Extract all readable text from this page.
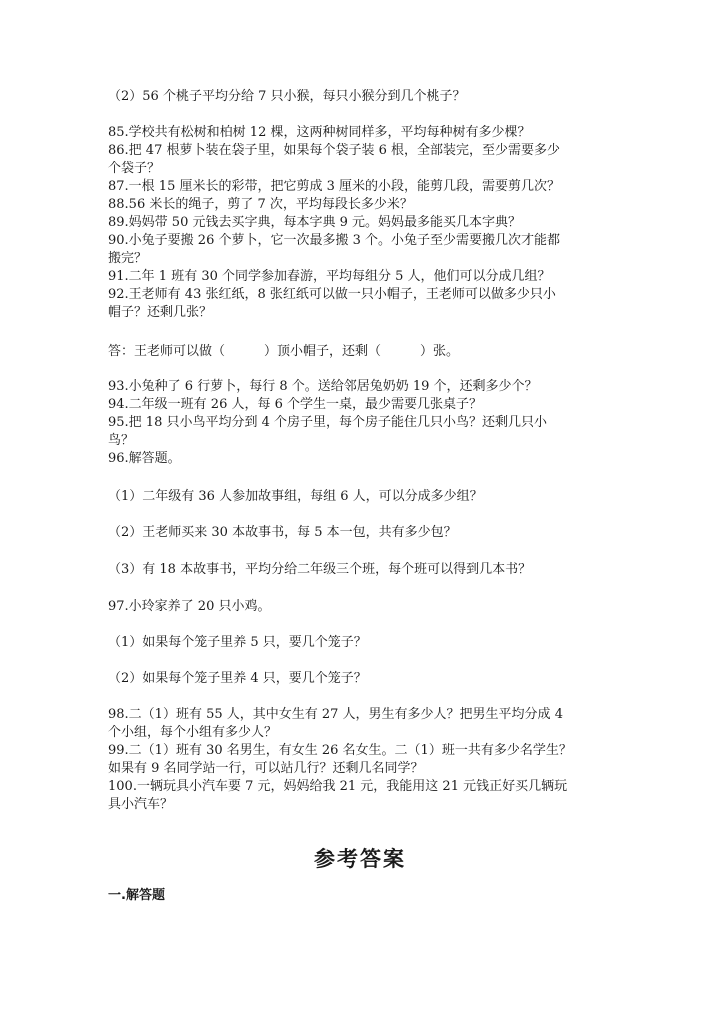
（2）56 个桃子平均分给 7 只小猴，每只小猴分到几个桃子？
85.学校共有松树和柏树 12 棵，这两种树同样多，平均每种树有多少棵？
86.把 47 根萝卜装在袋子里，如果每个袋子装 6 根，全部装完，至少需要多少
个袋子？
87.一根 15 厘米长的彩带，把它剪成 3 厘米的小段，能剪几段，需要剪几次？
88.56 米长的绳子，剪了 7 次，平均每段长多少米？
89.妈妈带 50 元钱去买字典，每本字典 9 元。妈妈最多能买几本字典？
90.小兔子要搬 26 个萝卜，它一次最多搬 3 个。小兔子至少需要搬几次才能都
搬完？
91.二年 1 班有 30 个同学参加春游，平均每组分 5 人，他们可以分成几组？
92.王老师有 43 张红纸，8 张红纸可以做一只小帽子，王老师可以做多少只小
帽子？还剩几张？
答：王老师可以做（　　　）顶小帽子，还剩（　　　）张。
93.小兔种了 6 行萝卜，每行 8 个。送给邻居兔奶奶 19 个，还剩多少个？
94.二年级一班有 26 人，每 6 个学生一桌，最少需要几张桌子？
95.把 18 只小鸟平均分到 4 个房子里，每个房子能住几只小鸟？还剩几只小
鸟？
96.解答题。
（1）二年级有 36 人参加故事组，每组 6 人，可以分成多少组？
（2）王老师买来 30 本故事书，每 5 本一包，共有多少包？
（3）有 18 本故事书，平均分给二年级三个班，每个班可以得到几本书？
97.小玲家养了 20 只小鸡。
（1）如果每个笼子里养 5 只，要几个笼子？
（2）如果每个笼子里养 4 只，要几个笼子？
98.二（1）班有 55 人，其中女生有 27 人，男生有多少人？把男生平均分成 4
个小组，每个小组有多少人？
99.二（1）班有 30 名男生，有女生 26 名女生。二（1）班一共有多少名学生？
如果有 9 名同学站一行，可以站几行？还剩几名同学？
100.一辆玩具小汽车要 7 元，妈妈给我 21 元，我能用这 21 元钱正好买几辆玩
具小汽车？
参考答案
一.解答题
